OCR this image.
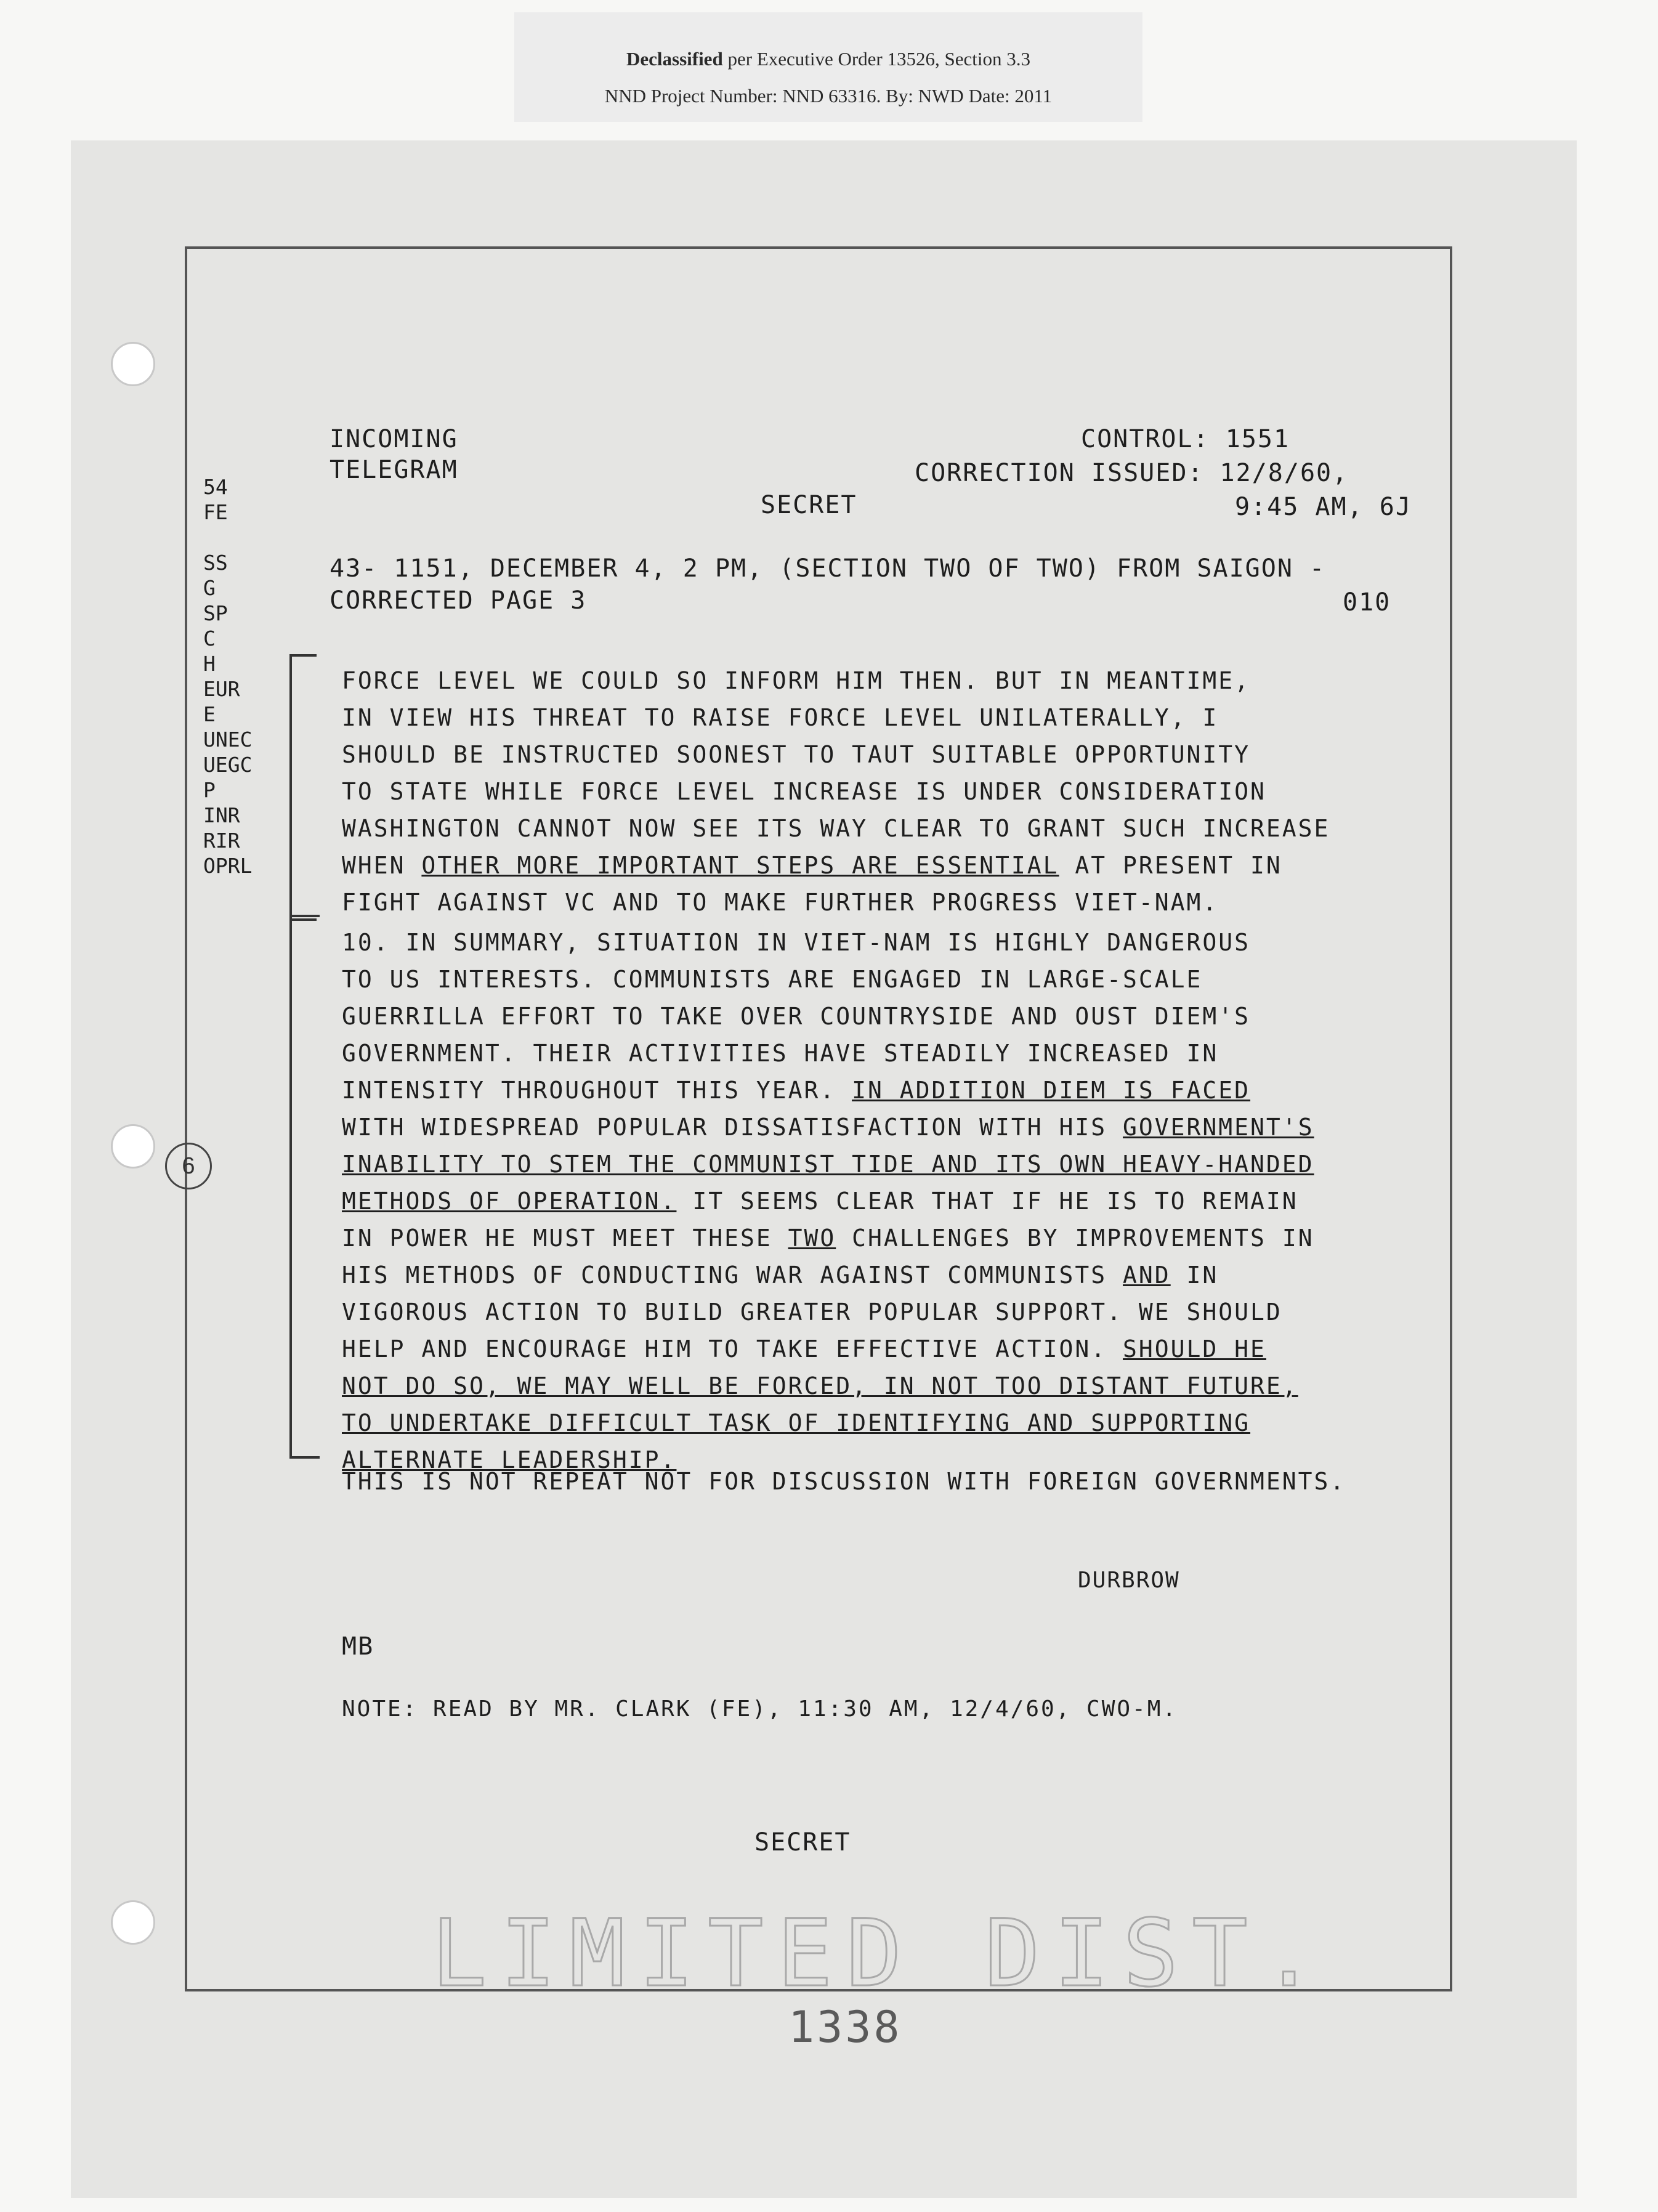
Declassified per Executive Order 13526, Section 3.3
NND Project Number: NND 63316. By: NWD Date: 2011
INCOMING
TELEGRAM
CONTROL: 1551
CORRECTION ISSUED: 12/8/60,
SECRET	9:45 AM, 6J
43- 1151, DECEMBER 4, 2 PM, (SECTION TWO OF TWO) FROM SAIGON -
CORRECTED PAGE 3	010
54
FE

SS
G
SP
C
H
EUR
E
UNEC
UEGC
P
INR
RIR
OPRL
6
FORCE LEVEL WE COULD SO INFORM HIM THEN. BUT IN MEANTIME,
IN VIEW HIS THREAT TO RAISE FORCE LEVEL UNILATERALLY, I
SHOULD BE INSTRUCTED SOONEST TO TAUT SUITABLE OPPORTUNITY
TO STATE WHILE FORCE LEVEL INCREASE IS UNDER CONSIDERATION
WASHINGTON CANNOT NOW SEE ITS WAY CLEAR TO GRANT SUCH INCREASE
WHEN OTHER MORE IMPORTANT STEPS ARE ESSENTIAL AT PRESENT IN
FIGHT AGAINST VC AND TO MAKE FURTHER PROGRESS VIET-NAM.
10. IN SUMMARY, SITUATION IN VIET-NAM IS HIGHLY DANGEROUS
TO US INTERESTS. COMMUNISTS ARE ENGAGED IN LARGE-SCALE
GUERRILLA EFFORT TO TAKE OVER COUNTRYSIDE AND OUST DIEM'S
GOVERNMENT. THEIR ACTIVITIES HAVE STEADILY INCREASED IN
INTENSITY THROUGHOUT THIS YEAR. IN ADDITION DIEM IS FACED
WITH WIDESPREAD POPULAR DISSATISFACTION WITH HIS GOVERNMENT'S
INABILITY TO STEM THE COMMUNIST TIDE AND ITS OWN HEAVY-HANDED
METHODS OF OPERATION. IT SEEMS CLEAR THAT IF HE IS TO REMAIN
IN POWER HE MUST MEET THESE TWO CHALLENGES BY IMPROVEMENTS IN
HIS METHODS OF CONDUCTING WAR AGAINST COMMUNISTS AND IN
VIGOROUS ACTION TO BUILD GREATER POPULAR SUPPORT. WE SHOULD
HELP AND ENCOURAGE HIM TO TAKE EFFECTIVE ACTION. SHOULD HE
NOT DO SO, WE MAY WELL BE FORCED, IN NOT TOO DISTANT FUTURE,
TO UNDERTAKE DIFFICULT TASK OF IDENTIFYING AND SUPPORTING
ALTERNATE LEADERSHIP.
THIS IS NOT REPEAT NOT FOR DISCUSSION WITH FOREIGN GOVERNMENTS.
DURBROW
MB
NOTE: READ BY MR. CLARK (FE), 11:30 AM, 12/4/60, CWO-M.
SECRET
LIMITED DIST.
1338
